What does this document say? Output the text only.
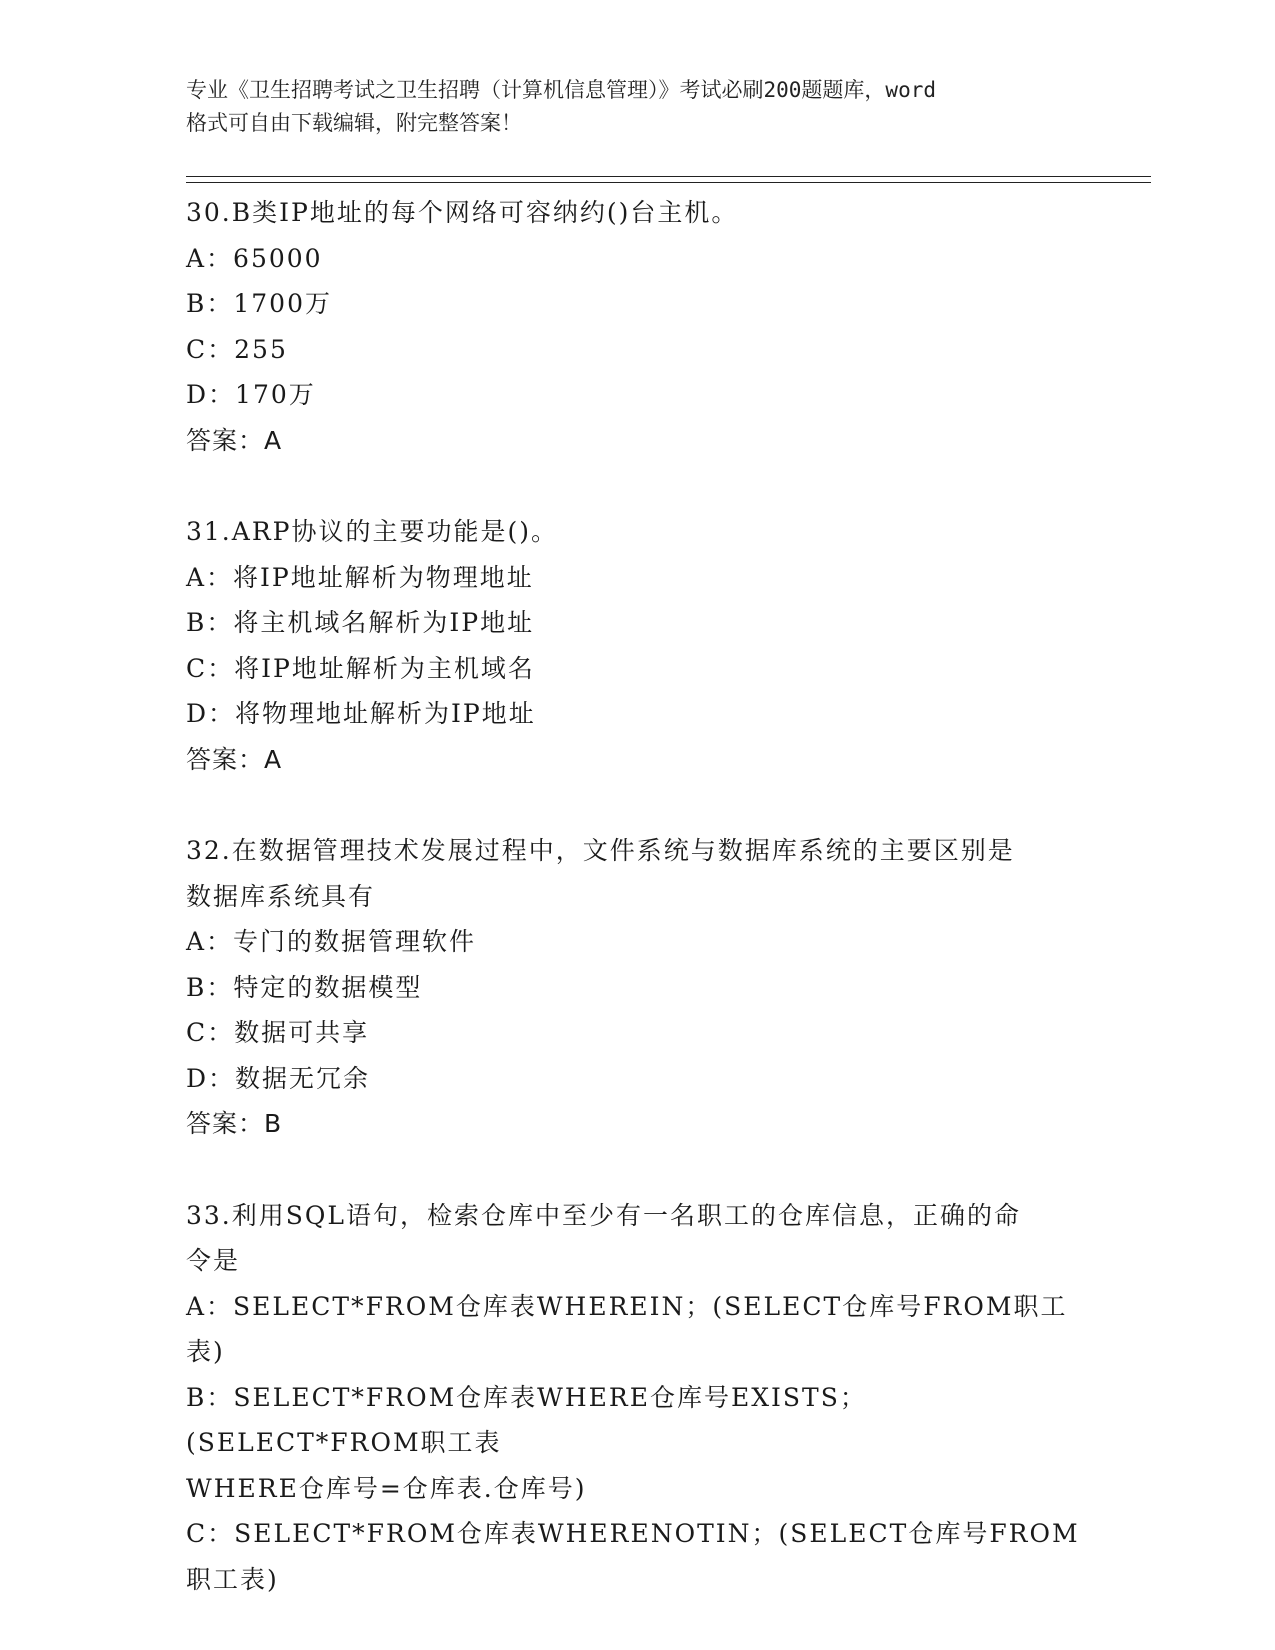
专业《卫生招聘考试之卫生招聘（计算机信息管理）》考试必刷200题题库，word
格式可自由下载编辑，附完整答案！
30.B类IP地址的每个网络可容纳约()台主机。
A：65000
B：1700万
C：255
D：170万
答案：A
31.ARP协议的主要功能是()。
A：将IP地址解析为物理地址
B：将主机域名解析为IP地址
C：将IP地址解析为主机域名
D：将物理地址解析为IP地址
答案：A
32.在数据管理技术发展过程中，文件系统与数据库系统的主要区别是
数据库系统具有
A：专门的数据管理软件
B：特定的数据模型
C：数据可共享
D：数据无冗余
答案：B
33.利用SQL语句，检索仓库中至少有一名职工的仓库信息，正确的命
令是
A：SELECT*FROM仓库表WHEREIN；(SELECT仓库号FROM职工表)
B：SELECT*FROM仓库表WHERE仓库号EXISTS；(SELECT*FROM职工表
WHERE仓库号=仓库表.仓库号)
C：SELECT*FROM仓库表WHERENOTIN；(SELECT仓库号FROM职工表)
